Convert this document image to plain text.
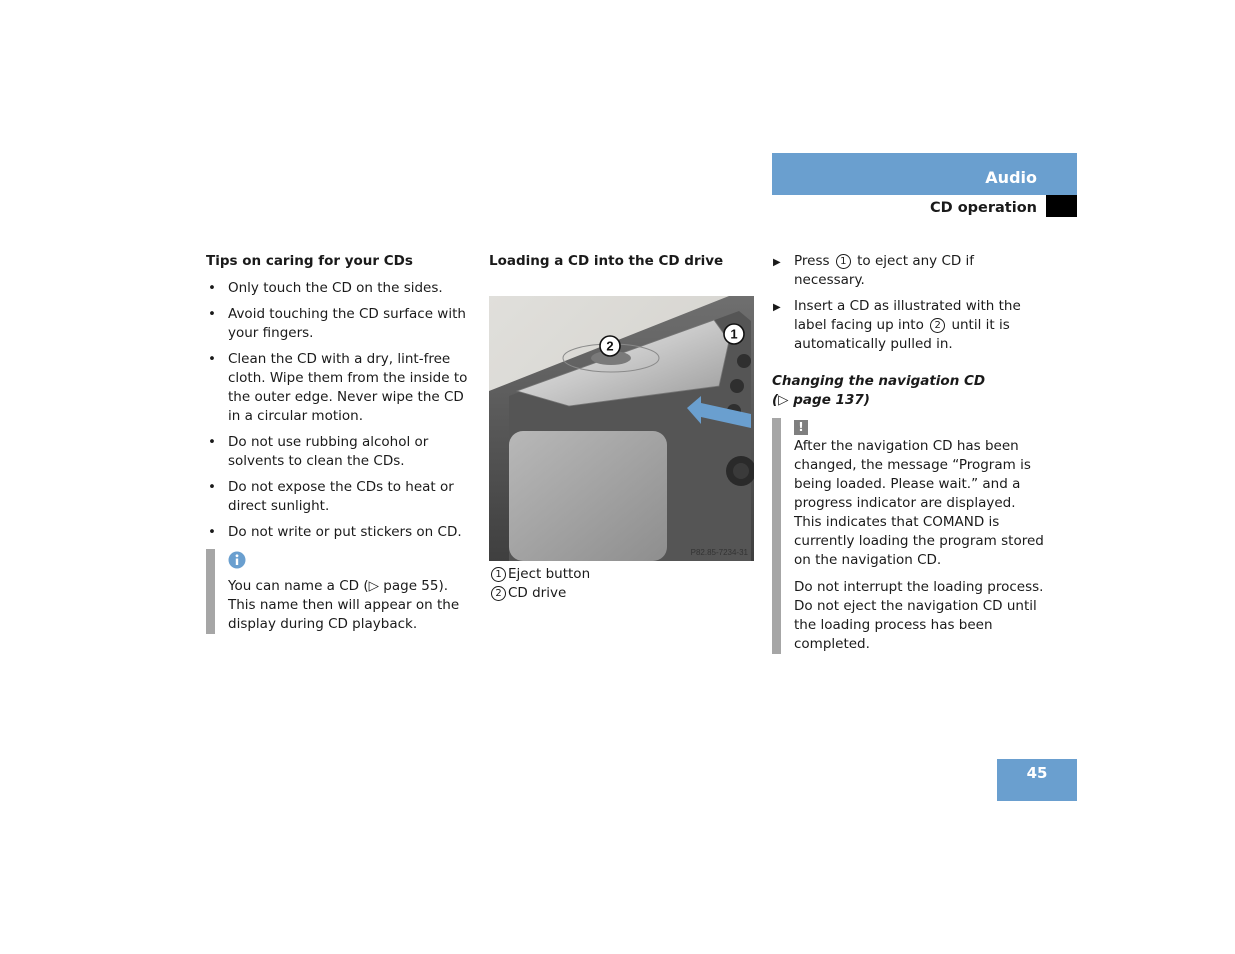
Audio
CD operation
Tips on caring for your CDs
• Only touch the CD on the sides.
• Avoid touching the CD surface with your fingers.
• Clean the CD with a dry, lint-free cloth. Wipe them from the inside to the outer edge. Never wipe the CD in a circular motion.
• Do not use rubbing alcohol or solvents to clean the CDs.
• Do not expose the CDs to heat or direct sunlight.
• Do not write or put stickers on CD.

You can name a CD (▷ page 55). This name then will appear on the display during CD playback.

Loading a CD into the CD drive
2
1
P82.85-7234-31
1 Eject button
2 CD drive
▶ Press 1 to eject any CD if necessary.
▶ Insert a CD as illustrated with the label facing up into 2 until it is automatically pulled in.
Changing the navigation CD
(▷ page 137)
!

After the navigation CD has been changed, the message “Program is being loaded. Please wait.” and a progress indicator are displayed. This indicates that COMAND is currently loading the program stored on the navigation CD.

Do not interrupt the loading process. Do not eject the navigation CD until the loading process has been completed.

45
